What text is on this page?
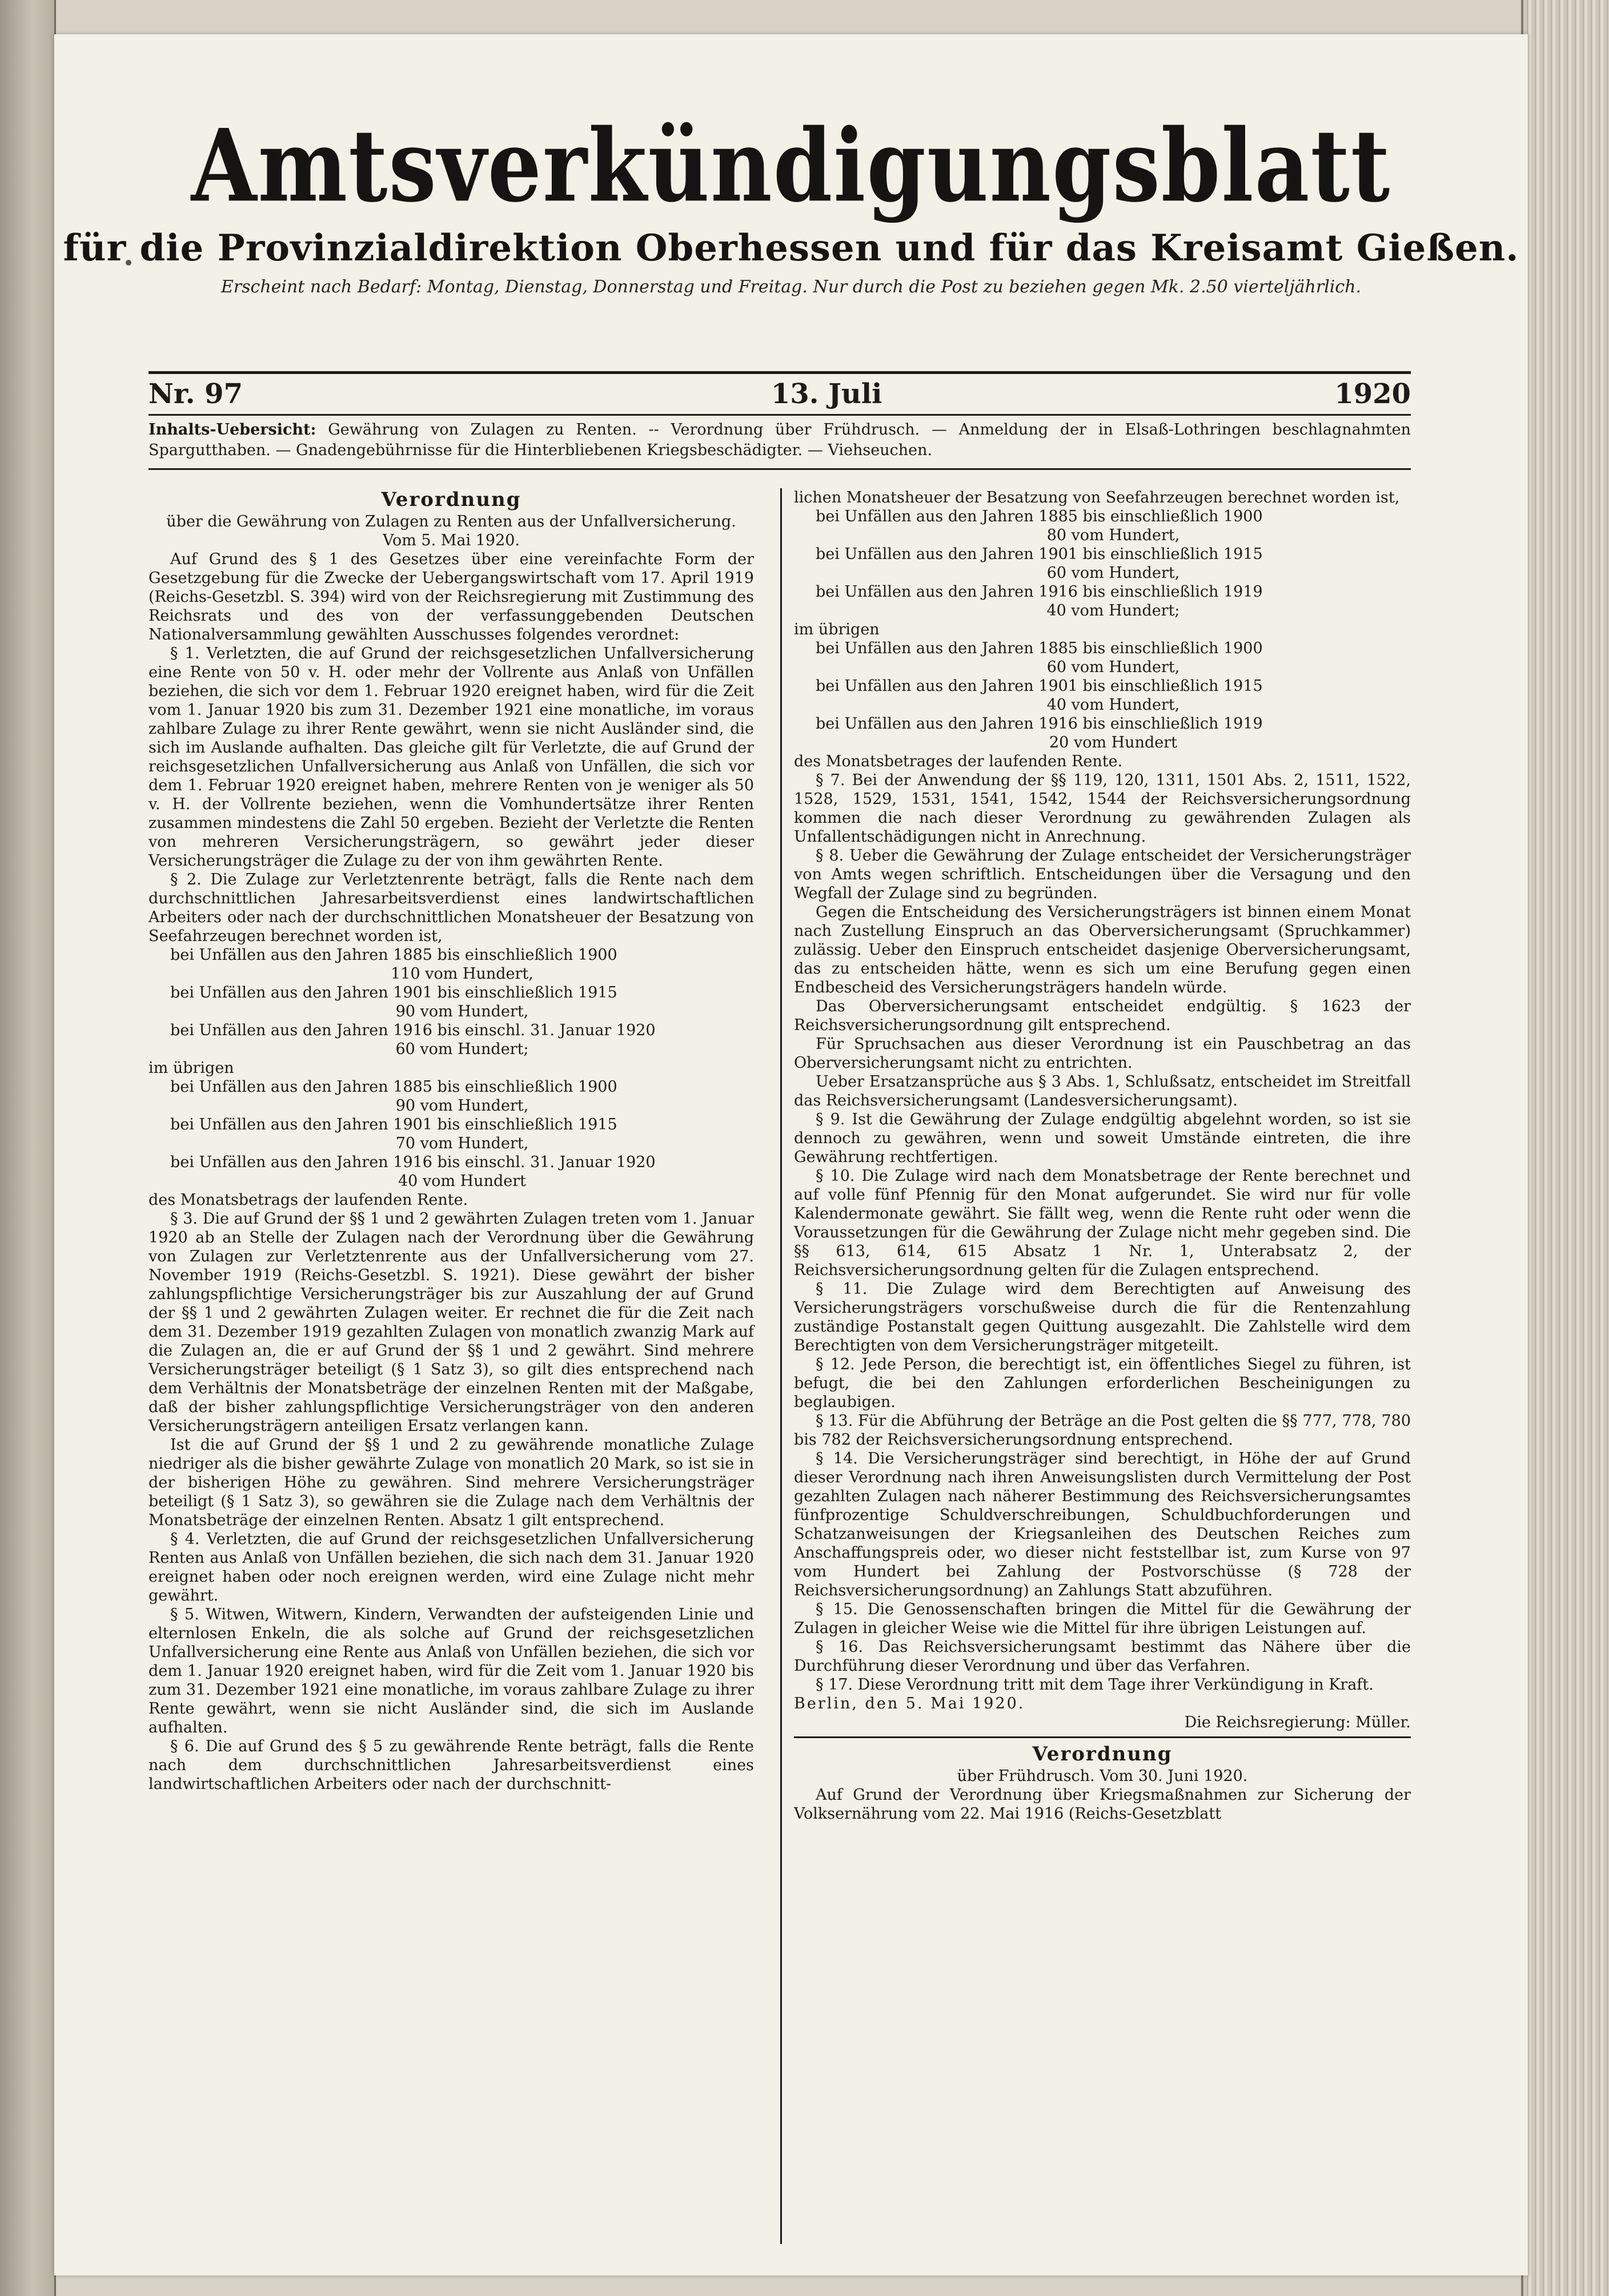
Amtsverkündigungsblatt
für die Provinzialdirektion Oberhessen und für das Kreisamt Gießen.
Erscheint nach Bedarf: Montag, Dienstag, Donnerstag und Freitag. Nur durch die Post zu beziehen gegen Mk. 2.50 vierteljährlich.
Nr. 97	13. Juli	1920
Inhalts-Uebersicht: Gewährung von Zulagen zu Renten. -- Verordnung über Frühdrusch. — Anmeldung der in Elsaß-Lothringen beschlagnahmten Spargutthaben. — Gnadengebührnisse für die Hinterbliebenen Kriegsbeschädigter. — Viehseuchen.
Verordnung

über die Gewährung von Zulagen zu Renten aus der Unfallversicherung. Vom 5. Mai 1920.

Auf Grund des § 1 des Gesetzes über eine vereinfachte Form der Gesetzgebung für die Zwecke der Uebergangswirtschaft vom 17. April 1919 (Reichs-Gesetzbl. S. 394) wird von der Reichsregierung mit Zustimmung des Reichsrats und des von der verfassunggebenden Deutschen Nationalversammlung gewählten Ausschusses folgendes verordnet:

§ 1. Verletzten, die auf Grund der reichsgesetzlichen Unfallversicherung eine Rente von 50 v. H. oder mehr der Vollrente aus Anlaß von Unfällen beziehen, die sich vor dem 1. Februar 1920 ereignet haben, wird für die Zeit vom 1. Januar 1920 bis zum 31. Dezember 1921 eine monatliche, im voraus zahlbare Zulage zu ihrer Rente gewährt, wenn sie nicht Ausländer sind, die sich im Auslande aufhalten. Das gleiche gilt für Verletzte, die auf Grund der reichsgesetzlichen Unfallversicherung aus Anlaß von Unfällen, die sich vor dem 1. Februar 1920 ereignet haben, mehrere Renten von je weniger als 50 v. H. der Vollrente beziehen, wenn die Vomhundertsätze ihrer Renten zusammen mindestens die Zahl 50 ergeben. Bezieht der Verletzte die Renten von mehreren Versicherungsträgern, so gewährt jeder dieser Versicherungsträger die Zulage zu der von ihm gewährten Rente.

§ 2. Die Zulage zur Verletztenrente beträgt, falls die Rente nach dem durchschnittlichen Jahresarbeitsverdienst eines landwirtschaftlichen Arbeiters oder nach der durchschnittlichen Monatsheuer der Besatzung von Seefahrzeugen berechnet worden ist,

bei Unfällen aus den Jahren 1885 bis einschließlich 1900
110 vom Hundert,
bei Unfällen aus den Jahren 1901 bis einschließlich 1915
90 vom Hundert,
bei Unfällen aus den Jahren 1916 bis einschl. 31. Januar 1920
60 vom Hundert;

im übrigen

bei Unfällen aus den Jahren 1885 bis einschließlich 1900
90 vom Hundert,
bei Unfällen aus den Jahren 1901 bis einschließlich 1915
70 vom Hundert,
bei Unfällen aus den Jahren 1916 bis einschl. 31. Januar 1920
40 vom Hundert

des Monatsbetrags der laufenden Rente.

§ 3. Die auf Grund der §§ 1 und 2 gewährten Zulagen treten vom 1. Januar 1920 ab an Stelle der Zulagen nach der Verordnung über die Gewährung von Zulagen zur Verletztenrente aus der Unfallversicherung vom 27. November 1919 (Reichs-Gesetzbl. S. 1921). Diese gewährt der bisher zahlungspflichtige Versicherungsträger bis zur Auszahlung der auf Grund der §§ 1 und 2 gewährten Zulagen weiter. Er rechnet die für die Zeit nach dem 31. Dezember 1919 gezahlten Zulagen von monatlich zwanzig Mark auf die Zulagen an, die er auf Grund der §§ 1 und 2 gewährt. Sind mehrere Versicherungsträger beteiligt (§ 1 Satz 3), so gilt dies entsprechend nach dem Verhältnis der Monatsbeträge der einzelnen Renten mit der Maßgabe, daß der bisher zahlungspflichtige Versicherungsträger von den anderen Versicherungsträgern anteiligen Ersatz verlangen kann.

Ist die auf Grund der §§ 1 und 2 zu gewährende monatliche Zulage niedriger als die bisher gewährte Zulage von monatlich 20 Mark, so ist sie in der bisherigen Höhe zu gewähren. Sind mehrere Versicherungsträger beteiligt (§ 1 Satz 3), so gewähren sie die Zulage nach dem Verhältnis der Monatsbeträge der einzelnen Renten. Absatz 1 gilt entsprechend.

§ 4. Verletzten, die auf Grund der reichsgesetzlichen Unfallversicherung Renten aus Anlaß von Unfällen beziehen, die sich nach dem 31. Januar 1920 ereignet haben oder noch ereignen werden, wird eine Zulage nicht mehr gewährt.

§ 5. Witwen, Witwern, Kindern, Verwandten der aufsteigenden Linie und elternlosen Enkeln, die als solche auf Grund der reichsgesetzlichen Unfallversicherung eine Rente aus Anlaß von Unfällen beziehen, die sich vor dem 1. Januar 1920 ereignet haben, wird für die Zeit vom 1. Januar 1920 bis zum 31. Dezember 1921 eine monatliche, im voraus zahlbare Zulage zu ihrer Rente gewährt, wenn sie nicht Ausländer sind, die sich im Auslande aufhalten.

§ 6. Die auf Grund des § 5 zu gewährende Rente beträgt, falls die Rente nach dem durchschnittlichen Jahresarbeitsverdienst eines landwirtschaftlichen Arbeiters oder nach der durchschnitt-

lichen Monatsheuer der Besatzung von Seefahrzeugen berechnet worden ist,

bei Unfällen aus den Jahren 1885 bis einschließlich 1900
80 vom Hundert,
bei Unfällen aus den Jahren 1901 bis einschließlich 1915
60 vom Hundert,
bei Unfällen aus den Jahren 1916 bis einschließlich 1919
40 vom Hundert;

im übrigen

bei Unfällen aus den Jahren 1885 bis einschließlich 1900
60 vom Hundert,
bei Unfällen aus den Jahren 1901 bis einschließlich 1915
40 vom Hundert,
bei Unfällen aus den Jahren 1916 bis einschließlich 1919
20 vom Hundert

des Monatsbetrages der laufenden Rente.

§ 7. Bei der Anwendung der §§ 119, 120, 1311, 1501 Abs. 2, 1511, 1522, 1528, 1529, 1531, 1541, 1542, 1544 der Reichsversicherungsordnung kommen die nach dieser Verordnung zu gewährenden Zulagen als Unfallentschädigungen nicht in Anrechnung.

§ 8. Ueber die Gewährung der Zulage entscheidet der Versicherungsträger von Amts wegen schriftlich. Entscheidungen über die Versagung und den Wegfall der Zulage sind zu begründen.

Gegen die Entscheidung des Versicherungsträgers ist binnen einem Monat nach Zustellung Einspruch an das Oberversicherungsamt (Spruchkammer) zulässig. Ueber den Einspruch entscheidet dasjenige Oberversicherungsamt, das zu entscheiden hätte, wenn es sich um eine Berufung gegen einen Endbescheid des Versicherungsträgers handeln würde.

Das Oberversicherungsamt entscheidet endgültig. § 1623 der Reichsversicherungsordnung gilt entsprechend.

Für Spruchsachen aus dieser Verordnung ist ein Pauschbetrag an das Oberversicherungsamt nicht zu entrichten.

Ueber Ersatzansprüche aus § 3 Abs. 1, Schlußsatz, entscheidet im Streitfall das Reichsversicherungsamt (Landesversicherungsamt).

§ 9. Ist die Gewährung der Zulage endgültig abgelehnt worden, so ist sie dennoch zu gewähren, wenn und soweit Umstände eintreten, die ihre Gewährung rechtfertigen.

§ 10. Die Zulage wird nach dem Monatsbetrage der Rente berechnet und auf volle fünf Pfennig für den Monat aufgerundet. Sie wird nur für volle Kalendermonate gewährt. Sie fällt weg, wenn die Rente ruht oder wenn die Voraussetzungen für die Gewährung der Zulage nicht mehr gegeben sind. Die §§ 613, 614, 615 Absatz 1 Nr. 1, Unterabsatz 2, der Reichsversicherungsordnung gelten für die Zulagen entsprechend.

§ 11. Die Zulage wird dem Berechtigten auf Anweisung des Versicherungsträgers vorschußweise durch die für die Rentenzahlung zuständige Postanstalt gegen Quittung ausgezahlt. Die Zahlstelle wird dem Berechtigten von dem Versicherungsträger mitgeteilt.

§ 12. Jede Person, die berechtigt ist, ein öffentliches Siegel zu führen, ist befugt, die bei den Zahlungen erforderlichen Bescheinigungen zu beglaubigen.

§ 13. Für die Abführung der Beträge an die Post gelten die §§ 777, 778, 780 bis 782 der Reichsversicherungsordnung entsprechend.

§ 14. Die Versicherungsträger sind berechtigt, in Höhe der auf Grund dieser Verordnung nach ihren Anweisungslisten durch Vermittelung der Post gezahlten Zulagen nach näherer Bestimmung des Reichsversicherungsamtes fünfprozentige Schuldverschreibungen, Schuldbuchforderungen und Schatzanweisungen der Kriegsanleihen des Deutschen Reiches zum Anschaffungspreis oder, wo dieser nicht feststellbar ist, zum Kurse von 97 vom Hundert bei Zahlung der Postvorschüsse (§ 728 der Reichsversicherungsordnung) an Zahlungs Statt abzuführen.

§ 15. Die Genossenschaften bringen die Mittel für die Gewährung der Zulagen in gleicher Weise wie die Mittel für ihre übrigen Leistungen auf.

§ 16. Das Reichsversicherungsamt bestimmt das Nähere über die Durchführung dieser Verordnung und über das Verfahren.

§ 17. Diese Verordnung tritt mit dem Tage ihrer Verkündigung in Kraft.

Berlin, den 5. Mai 1920.

Die Reichsregierung: Müller.

Verordnung

über Frühdrusch. Vom 30. Juni 1920.

Auf Grund der Verordnung über Kriegsmaßnahmen zur Sicherung der Volksernährung vom 22. Mai 1916 (Reichs-Gesetzblatt
